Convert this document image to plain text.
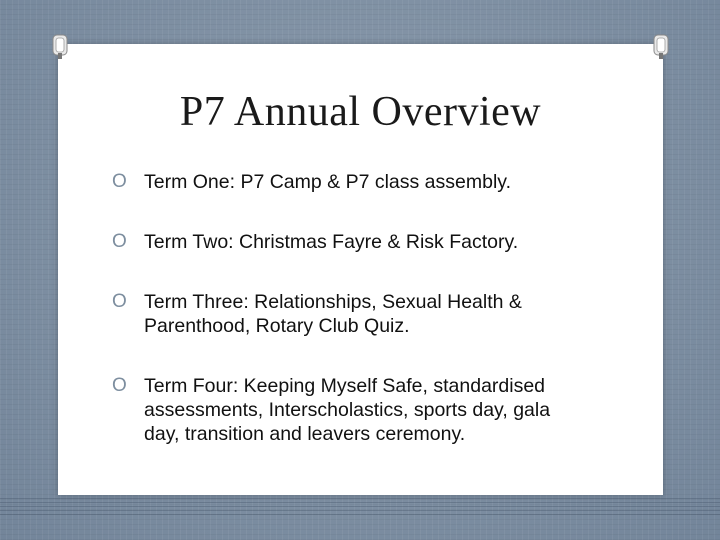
P7 Annual Overview
O Term One: P7 Camp & P7 class assembly.
O Term Two: Christmas Fayre & Risk Factory.
O Term Three: Relationships, Sexual Health & Parenthood, Rotary Club Quiz.
O Term Four: Keeping Myself Safe, standardised assessments, Interscholastics, sports day, gala day, transition and leavers ceremony.
